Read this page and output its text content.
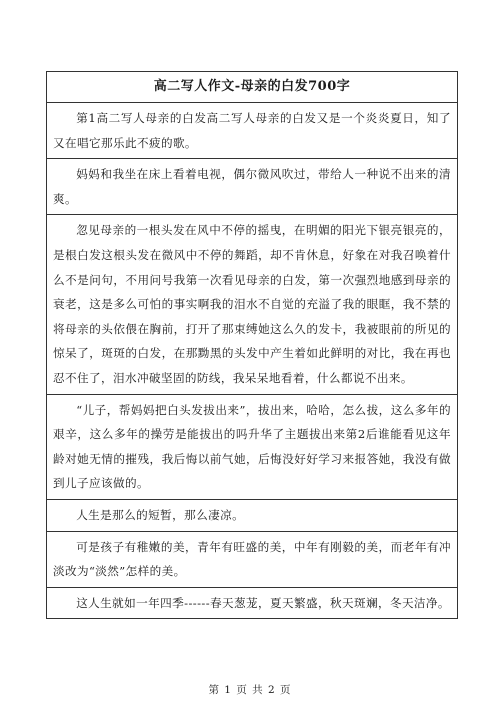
高二写人作文-母亲的白发700字
第1高二写人母亲的白发高二写人母亲的白发又是一个炎炎夏日，知了又在唱它那乐此不疲的歌。
妈妈和我坐在床上看着电视，偶尔微风吹过，带给人一种说不出来的清爽。
忽见母亲的一根头发在风中不停的摇曳，在明媚的阳光下银亮银亮的，是根白发这根头发在微风中不停的舞蹈，却不肯休息，好象在对我召唤着什么不是问句，不用问号我第一次看见母亲的白发，第一次强烈地感到母亲的衰老，这是多么可怕的事实啊我的泪水不自觉的充溢了我的眼眶，我不禁的将母亲的头依偎在胸前，打开了那束缚她这么久的发卡，我被眼前的所见的惊呆了，斑斑的白发，在那黝黑的头发中产生着如此鲜明的对比，我在再也忍不住了，泪水冲破坚固的防线，我呆呆地看着，什么都说不出来。
“儿子，帮妈妈把白头发拔出来”，拔出来，哈哈，怎么拔，这么多年的艰辛，这么多年的操劳是能拔出的吗升华了主题拔出来第2后谁能看见这年龄对她无情的摧残，我后悔以前气她，后悔没好好学习来报答她，我没有做到儿子应该做的。
人生是那么的短暂，那么凄凉。
可是孩子有稚嫩的美，青年有旺盛的美，中年有刚毅的美，而老年有冲淡改为“淡然”怎样的美。
这人生就如一年四季------春天葱茏，夏天繁盛，秋天斑斓，冬天洁净。
第 1 页 共 2 页
